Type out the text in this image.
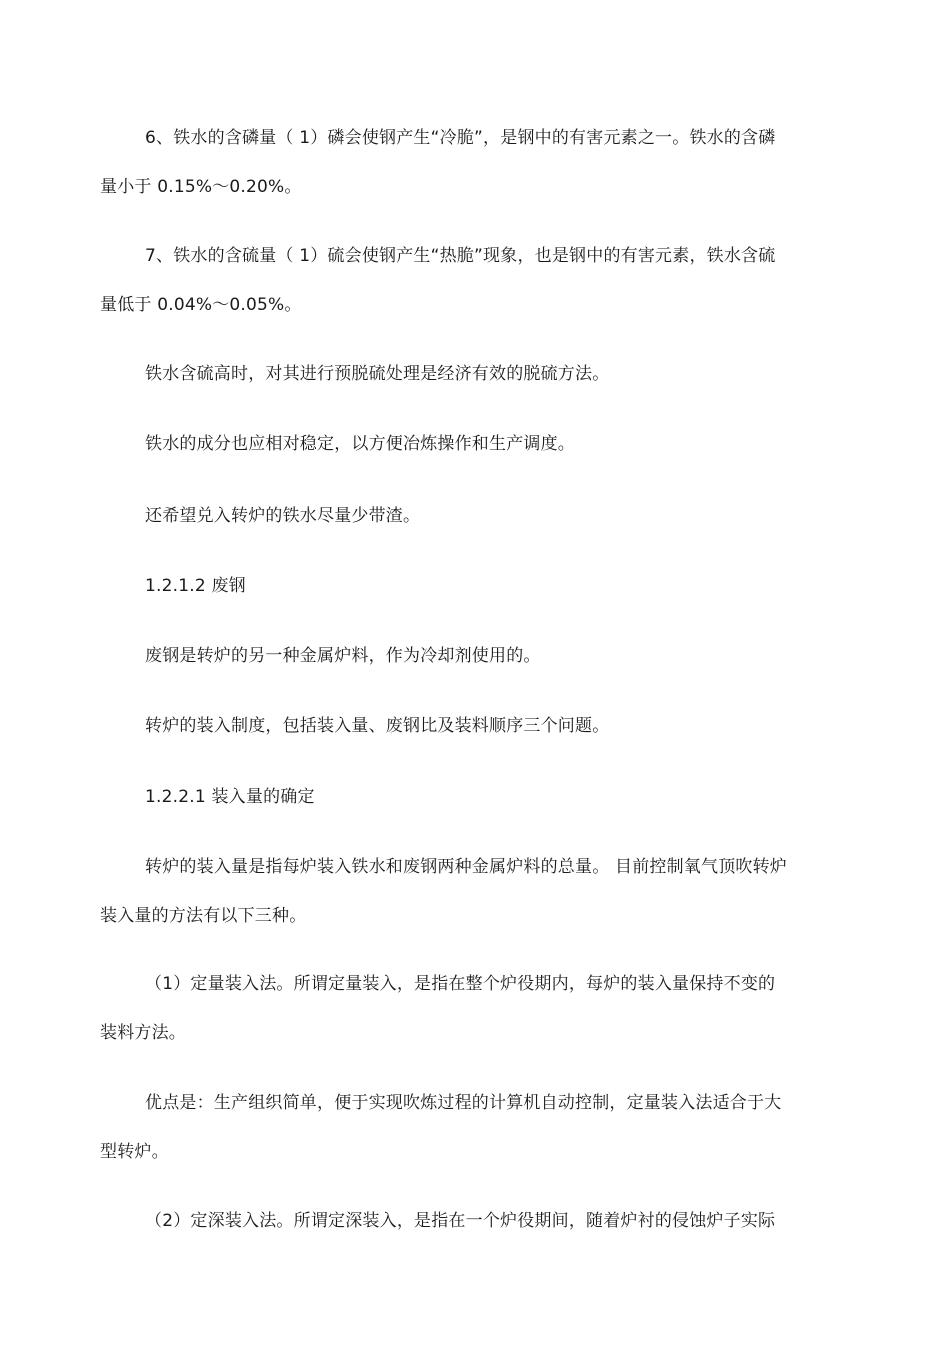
6、铁水的含磷量（ 1）磷会使钢产生“冷脆”，是钢中的有害元素之一。铁水的含磷
量小于 0.15%～0.20%。
7、铁水的含硫量（ 1）硫会使钢产生“热脆”现象，也是钢中的有害元素，铁水含硫
量低于 0.04%～0.05%。
铁水含硫高时，对其进行预脱硫处理是经济有效的脱硫方法。
铁水的成分也应相对稳定，以方便冶炼操作和生产调度。
还希望兑入转炉的铁水尽量少带渣。
1.2.1.2 废钢
废钢是转炉的另一种金属炉料，作为冷却剂使用的。
转炉的装入制度，包括装入量、废钢比及装料顺序三个问题。
1.2.2.1 装入量的确定
转炉的装入量是指每炉装入铁水和废钢两种金属炉料的总量。 目前控制氧气顶吹转炉
装入量的方法有以下三种。
（1）定量装入法。所谓定量装入，是指在整个炉役期内，每炉的装入量保持不变的
装料方法。
优点是：生产组织简单，便于实现吹炼过程的计算机自动控制，定量装入法适合于大
型转炉。
（2）定深装入法。所谓定深装入，是指在一个炉役期间，随着炉衬的侵蚀炉子实际
